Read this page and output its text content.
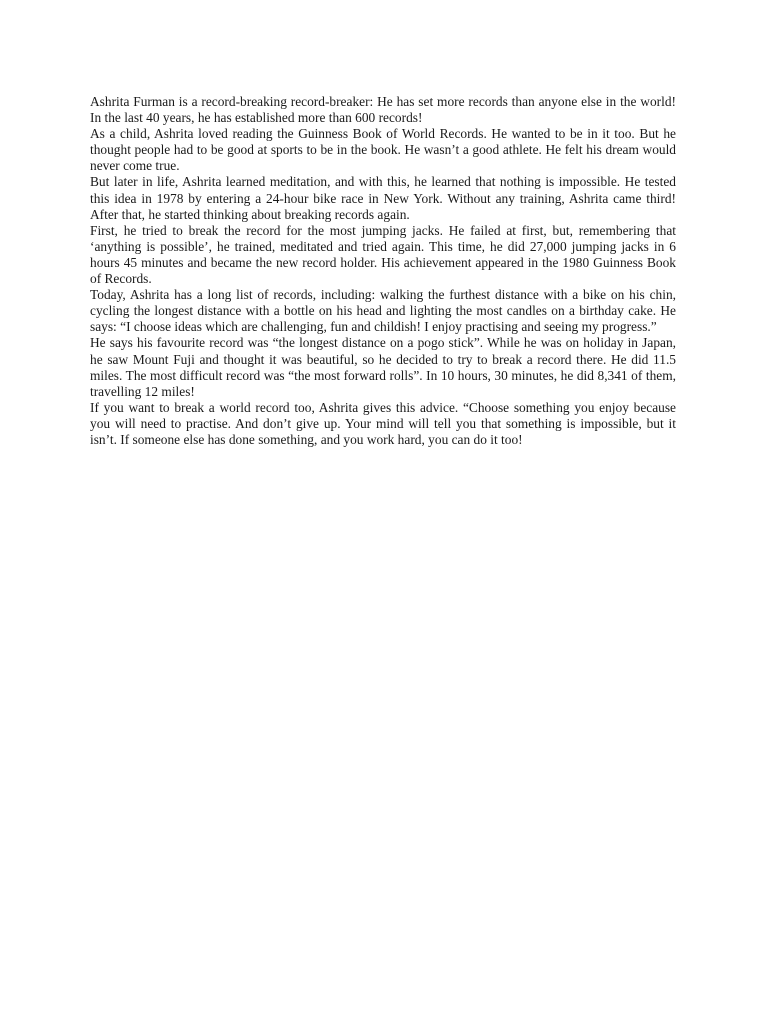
Ashrita Furman is a record-breaking record-breaker: He has set more records than anyone else in the world! In the last 40 years, he has established more than 600 records!

As a child, Ashrita loved reading the Guinness Book of World Records. He wanted to be in it too. But he thought people had to be good at sports to be in the book. He wasn’t a good athlete. He felt his dream would never come true.

But later in life, Ashrita learned meditation, and with this, he learned that nothing is impossible. He tested this idea in 1978 by entering a 24-hour bike race in New York. Without any training, Ashrita came third! After that, he started thinking about breaking records again.

First, he tried to break the record for the most jumping jacks. He failed at first, but, remembering that ‘anything is possible’, he trained, meditated and tried again. This time, he did 27,000 jumping jacks in 6 hours 45 minutes and became the new record holder. His achievement appeared in the 1980 Guinness Book of Records.

Today, Ashrita has a long list of records, including: walking the furthest distance with a bike on his chin, cycling the longest distance with a bottle on his head and lighting the most candles on a birthday cake. He says: “I choose ideas which are challenging, fun and childish! I enjoy practising and seeing my progress.”

He says his favourite record was “the longest distance on a pogo stick”. While he was on holiday in Japan, he saw Mount Fuji and thought it was beautiful, so he decided to try to break a record there. He did 11.5 miles. The most difficult record was “the most forward rolls”. In 10 hours, 30 minutes, he did 8,341 of them, travelling 12 miles!

If you want to break a world record too, Ashrita gives this advice. “Choose something you enjoy because you will need to practise. And don’t give up. Your mind will tell you that something is impossible, but it isn’t. If someone else has done something, and you work hard, you can do it too!
